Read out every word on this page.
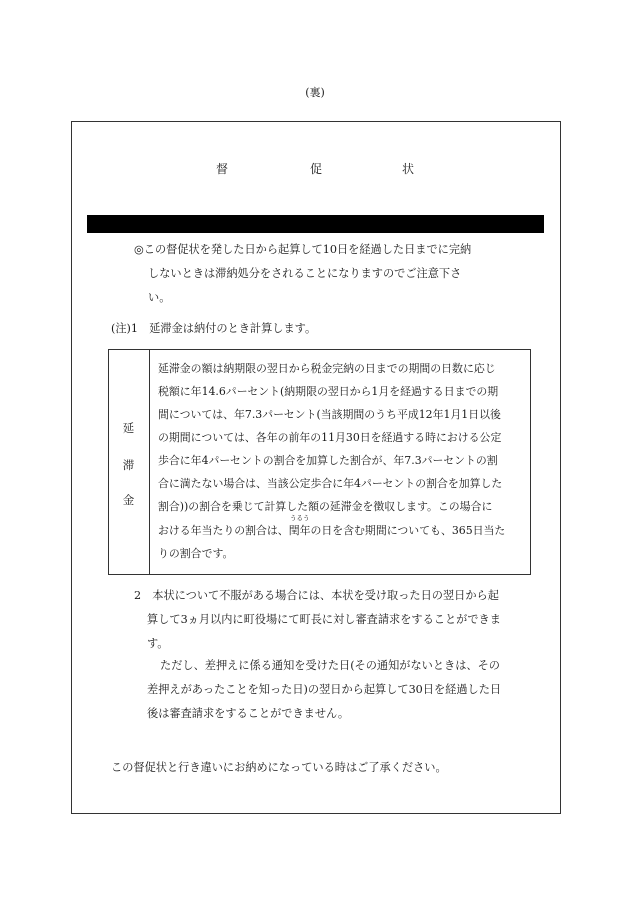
(裏)
督	促	状
◎この督促状を発した日から起算して10日を経過した日までに完納
しないときは滞納処分をされることになりますのでご注意下さ
い。
(注)1　延滞金は納付のとき計算します。
延
滞
金
延滞金の額は納期限の翌日から税金完納の日までの期間の日数に応じ
税額に年14.6パーセント(納期限の翌日から1月を経過する日までの期
間については、年7.3パーセント(当該期間のうち平成12年1月1日以後
の期間については、各年の前年の11月30日を経過する時における公定
歩合に年4パーセントの割合を加算した割合が、年7.3パーセントの割
合に満たない場合は、当該公定歩合に年4パーセントの割合を加算した
割合))の割合を乗じて計算した額の延滞金を徴収します。この場合に
うるう
おける年当たりの割合は、閏年の日を含む期間についても、365日当た
りの割合です。
2　本状について不服がある場合には、本状を受け取った日の翌日から起
算して3ヵ月以内に町役場にて町長に対し審査請求をすることができま
す。
ただし、差押えに係る通知を受けた日(その通知がないときは、その
差押えがあったことを知った日)の翌日から起算して30日を経過した日
後は審査請求をすることができません。
この督促状と行き違いにお納めになっている時はご了承ください。
